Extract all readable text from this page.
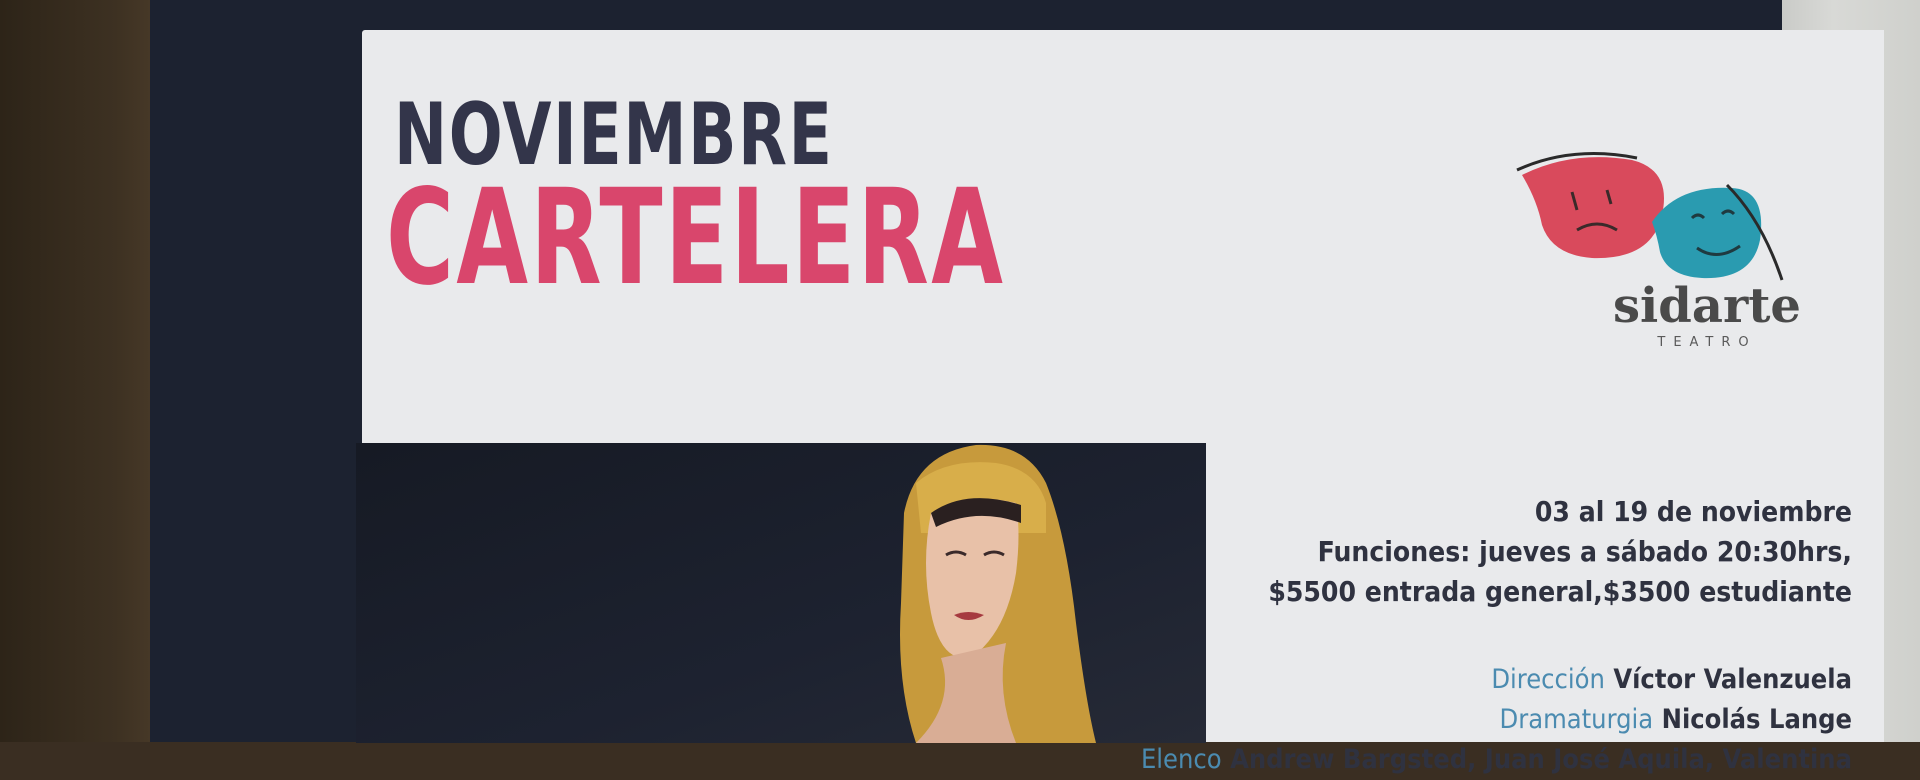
NOVIEMBRE
CARTELERA	sidarte
TEATRO
03 al 19 de noviembre
Funciones: jueves a sábado 20:30hrs,
$5500 entrada general,$3500 estudiante
Dirección Víctor Valenzuela
Dramaturgia Nicolás Lange
Elenco Andrew Bargsted, Juan José Aquila, Valentina
